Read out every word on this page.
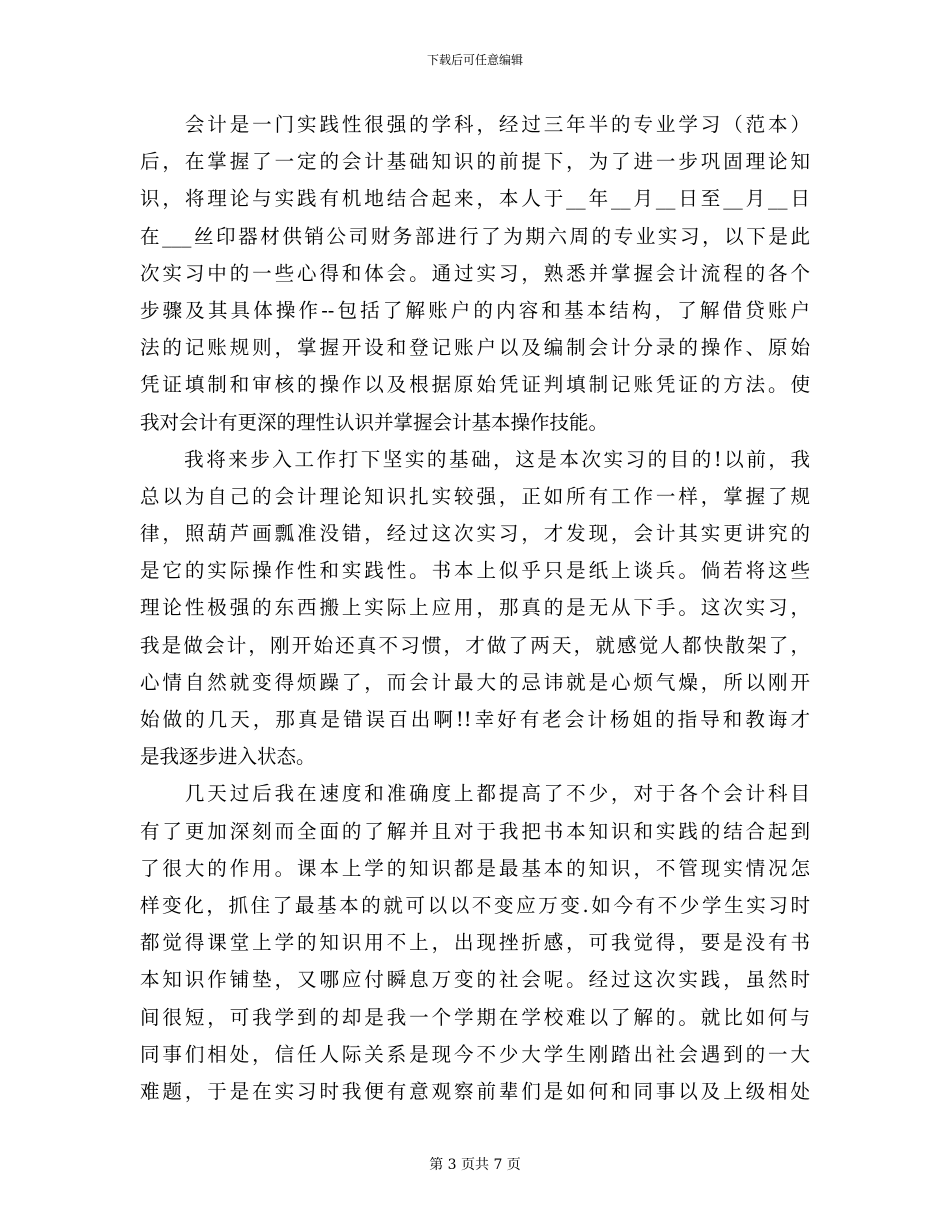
下载后可任意编辑
　　会计是一门实践性很强的学科，经过三年半的专业学习（范本）
后，在掌握了一定的会计基础知识的前提下，为了进一步巩固理论知
识，将理论与实践有机地结合起来，本人于__年__月__日至__月__日
在___丝印器材供销公司财务部进行了为期六周的专业实习，以下是此
次实习中的一些心得和体会。通过实习，熟悉并掌握会计流程的各个
步骤及其具体操作--包括了解账户的内容和基本结构，了解借贷账户
法的记账规则，掌握开设和登记账户以及编制会计分录的操作、原始
凭证填制和审核的操作以及根据原始凭证判填制记账凭证的方法。使
我对会计有更深的理性认识并掌握会计基本操作技能。
　　我将来步入工作打下坚实的基础，这是本次实习的目的!以前，我
总以为自己的会计理论知识扎实较强，正如所有工作一样，掌握了规
律，照葫芦画瓢准没错，经过这次实习，才发现，会计其实更讲究的
是它的实际操作性和实践性。书本上似乎只是纸上谈兵。倘若将这些
理论性极强的东西搬上实际上应用，那真的是无从下手。这次实习，
我是做会计，刚开始还真不习惯，才做了两天，就感觉人都快散架了，
心情自然就变得烦躁了，而会计最大的忌讳就是心烦气燥，所以刚开
始做的几天，那真是错误百出啊!!幸好有老会计杨姐的指导和教诲才
是我逐步进入状态。
　　几天过后我在速度和准确度上都提高了不少，对于各个会计科目
有了更加深刻而全面的了解并且对于我把书本知识和实践的结合起到
了很大的作用。课本上学的知识都是最基本的知识，不管现实情况怎
样变化，抓住了最基本的就可以以不变应万变.如今有不少学生实习时
都觉得课堂上学的知识用不上，出现挫折感，可我觉得，要是没有书
本知识作铺垫，又哪应付瞬息万变的社会呢。经过这次实践，虽然时
间很短，可我学到的却是我一个学期在学校难以了解的。就比如何与
同事们相处，信任人际关系是现今不少大学生刚踏出社会遇到的一大
难题，于是在实习时我便有意观察前辈们是如何和同事以及上级相处
第 3 页共 7 页
